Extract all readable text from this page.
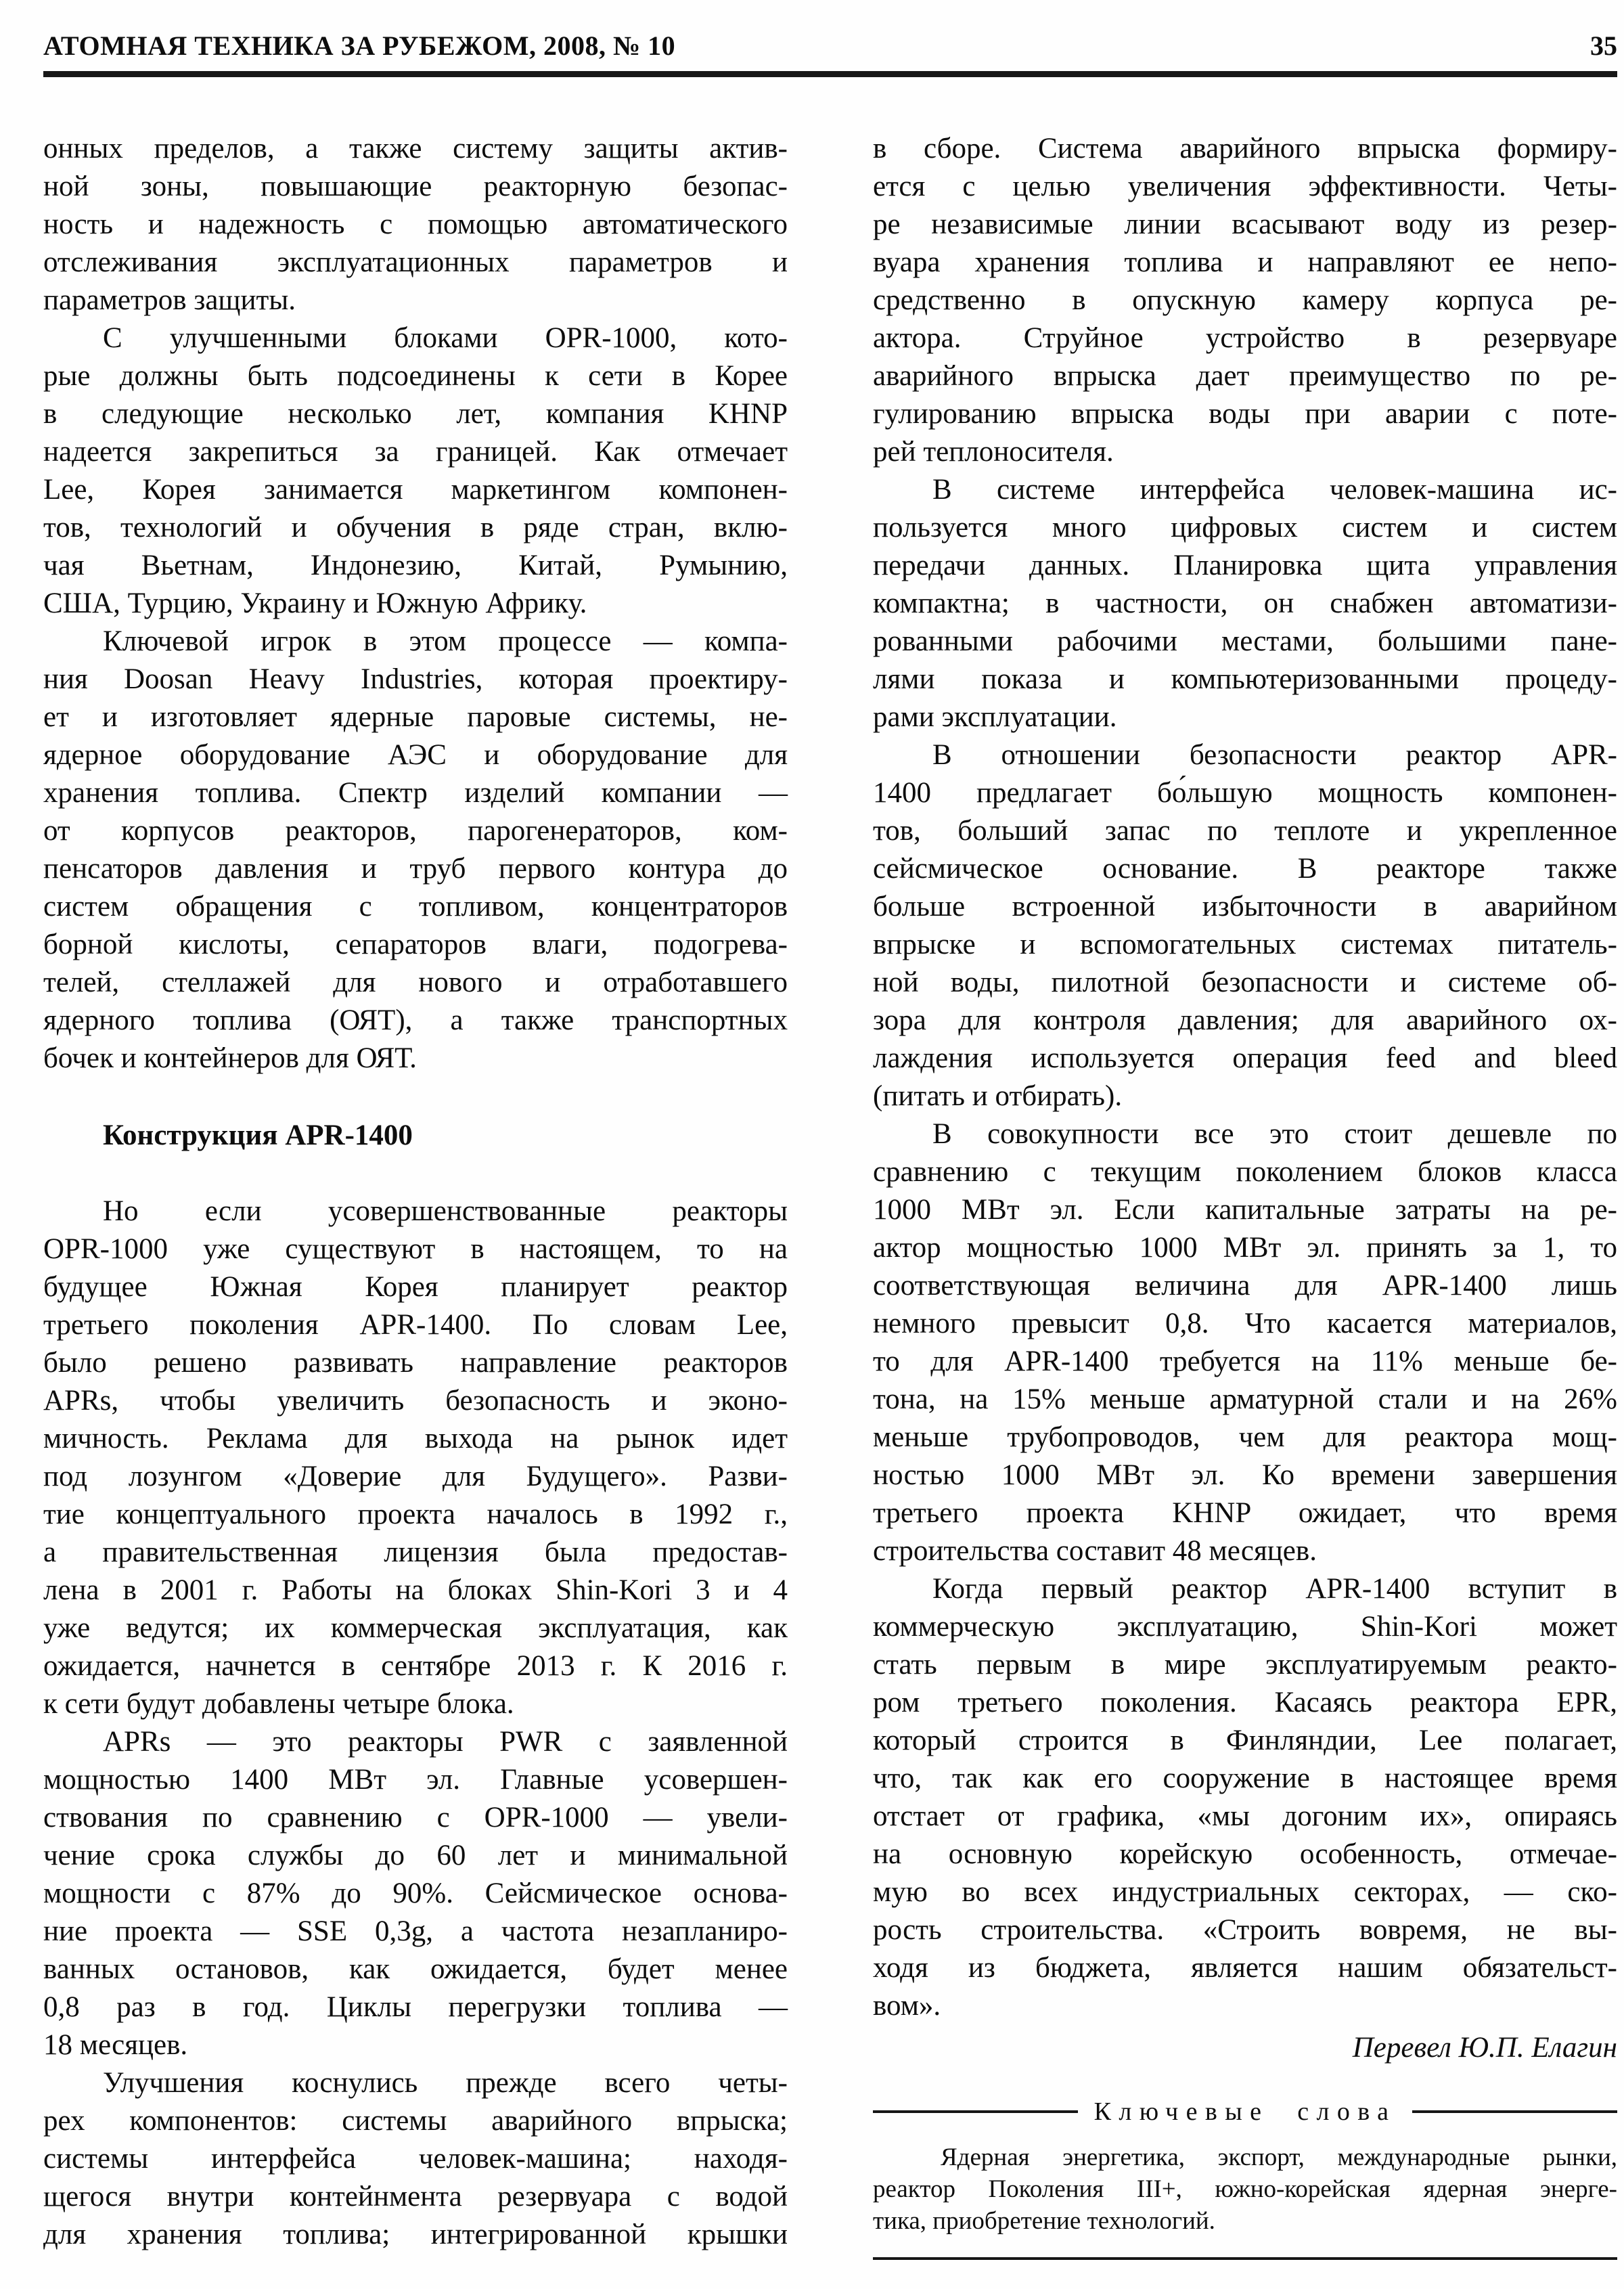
АТОМНАЯ ТЕХНИКА ЗА РУБЕЖОМ, 2008, № 10	35
онных пределов, а также систему защиты актив-
ной зоны, повышающие реакторную безопас-
ность и надежность с помощью автоматического
отслеживания эксплуатационных параметров и
параметров защиты.
С улучшенными блоками OPR-1000, кото-
рые должны быть подсоединены к сети в Корее
в следующие несколько лет, компания KHNP
надеется закрепиться за границей. Как отмечает
Lee, Корея занимается маркетингом компонен-
тов, технологий и обучения в ряде стран, вклю-
чая Вьетнам, Индонезию, Китай, Румынию,
США, Турцию, Украину и Южную Африку.
Ключевой игрок в этом процессе — компа-
ния Doosan Heavy Industries, которая проектиру-
ет и изготовляет ядерные паровые системы, не-
ядерное оборудование АЭС и оборудование для
хранения топлива. Спектр изделий компании —
от корпусов реакторов, парогенераторов, ком-
пенсаторов давления и труб первого контура до
систем обращения с топливом, концентраторов
борной кислоты, сепараторов влаги, подогрева-
телей, стеллажей для нового и отработавшего
ядерного топлива (ОЯТ), а также транспортных
бочек и контейнеров для ОЯТ.
Конструкция APR-1400
Но если усовершенствованные реакторы
OPR-1000 уже существуют в настоящем, то на
будущее Южная Корея планирует реактор
третьего поколения APR-1400. По словам Lee,
было решено развивать направление реакторов
APRs, чтобы увеличить безопасность и эконо-
мичность. Реклама для выхода на рынок идет
под лозунгом «Доверие для Будущего». Разви-
тие концептуального проекта началось в 1992 г.,
а правительственная лицензия была предостав-
лена в 2001 г. Работы на блоках Shin-Kori 3 и 4
уже ведутся; их коммерческая эксплуатация, как
ожидается, начнется в сентябре 2013 г. К 2016 г.
к сети будут добавлены четыре блока.
APRs — это реакторы PWR с заявленной
мощностью 1400 МВт эл. Главные усовершен-
ствования по сравнению с OPR-1000 — увели-
чение срока службы до 60 лет и минимальной
мощности с 87% до 90%. Сейсмическое основа-
ние проекта — SSE 0,3g, а частота незапланиро-
ванных остановов, как ожидается, будет менее
0,8 раз в год. Циклы перегрузки топлива —
18 месяцев.
Улучшения коснулись прежде всего четы-
рех компонентов: системы аварийного впрыска;
системы интерфейса человек-машина; находя-
щегося внутри контейнмента резервуара с водой
для хранения топлива; интегрированной крышки
в сборе. Система аварийного впрыска формиру-
ется с целью увеличения эффективности. Четы-
ре независимые линии всасывают воду из резер-
вуара хранения топлива и направляют ее непо-
средственно в опускную камеру корпуса ре-
актора. Струйное устройство в резервуаре
аварийного впрыска дает преимущество по ре-
гулированию впрыска воды при аварии с поте-
рей теплоносителя.
В системе интерфейса человек-машина ис-
пользуется много цифровых систем и систем
передачи данных. Планировка щита управления
компактна; в частности, он снабжен автоматизи-
рованными рабочими местами, большими пане-
лями показа и компьютеризованными процеду-
рами эксплуатации.
В отношении безопасности реактор APR-
1400 предлагает бо́льшую мощность компонен-
тов, больший запас по теплоте и укрепленное
сейсмическое основание. В реакторе также
больше встроенной избыточности в аварийном
впрыске и вспомогательных системах питатель-
ной воды, пилотной безопасности и системе об-
зора для контроля давления; для аварийного ох-
лаждения используется операция feed and bleed
(питать и отбирать).
В совокупности все это стоит дешевле по
сравнению с текущим поколением блоков класса
1000 МВт эл. Если капитальные затраты на ре-
актор мощностью 1000 МВт эл. принять за 1, то
соответствующая величина для APR-1400 лишь
немного превысит 0,8. Что касается материалов,
то для APR-1400 требуется на 11% меньше бе-
тона, на 15% меньше арматурной стали и на 26%
меньше трубопроводов, чем для реактора мощ-
ностью 1000 МВт эл. Ко времени завершения
третьего проекта KHNP ожидает, что время
строительства составит 48 месяцев.
Когда первый реактор APR-1400 вступит в
коммерческую эксплуатацию, Shin-Kori может
стать первым в мире эксплуатируемым реакто-
ром третьего поколения. Касаясь реактора EPR,
который строится в Финляндии, Lee полагает,
что, так как его сооружение в настоящее время
отстает от графика, «мы догоним их», опираясь
на основную корейскую особенность, отмечае-
мую во всех индустриальных секторах, — ско-
рость строительства. «Строить вовремя, не вы-
ходя из бюджета, является нашим обязательст-
вом».
Перевел Ю.П. Елагин
Ключевые слова
Ядерная энергетика, экспорт, международные рынки,
реактор Поколения III+, южно-корейская ядерная энерге-
тика, приобретение технологий.
